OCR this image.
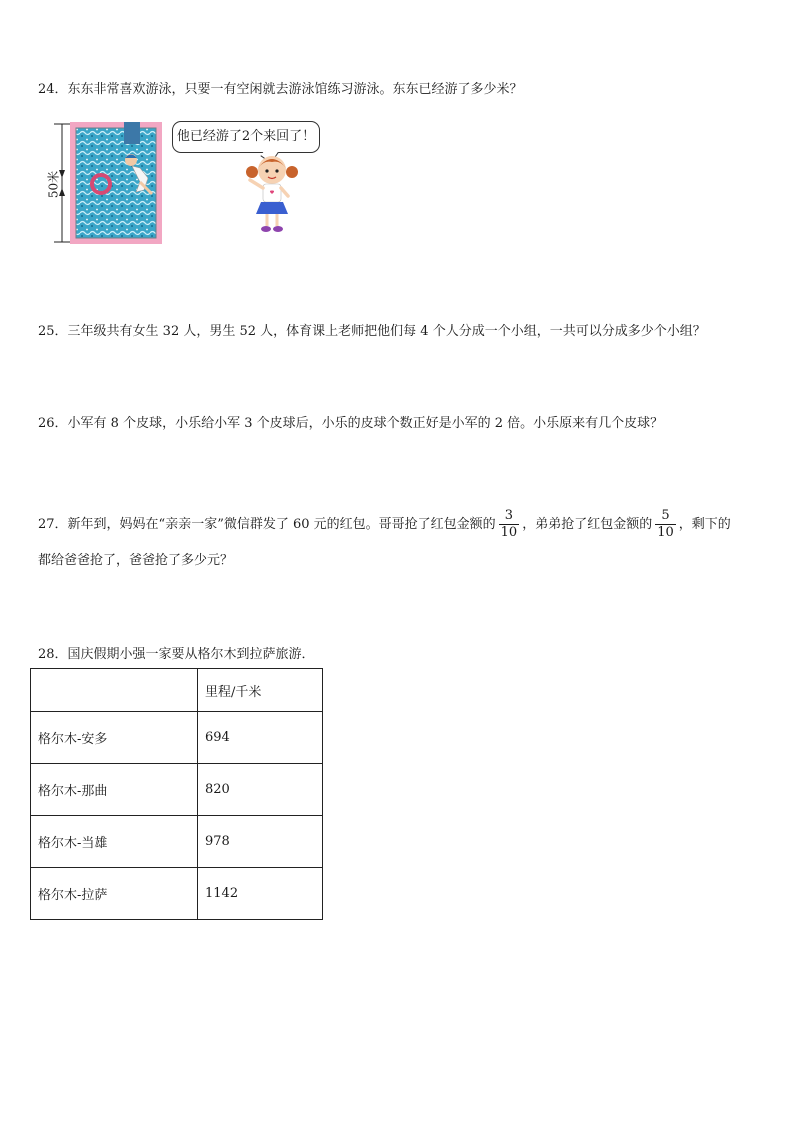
24．东东非常喜欢游泳，只要一有空闲就去游泳馆练习游泳。东东已经游了多少米？
50米
他已经游了2个来回了！
25．三年级共有女生 32 人，男生 52 人，体育课上老师把他们每 4 个人分成一个小组，一共可以分成多少个小组？
26．小军有 8 个皮球，小乐给小军 3 个皮球后，小乐的皮球个数正好是小军的 2 倍。小乐原来有几个皮球？
27．新年到，妈妈在“亲亲一家”微信群发了 60 元的红包。哥哥抢了红包金额的 $\frac{3}{10}$ ，弟弟抢了红包金额的 $\frac{5}{10}$ ，剩下的
都给爸爸抢了，爸爸抢了多少元？
28．国庆假期小强一家要从格尔木到拉萨旅游．
	里程/千米
格尔木-安多	694
格尔木-那曲	820
格尔木-当雄	978
格尔木-拉萨	1142
